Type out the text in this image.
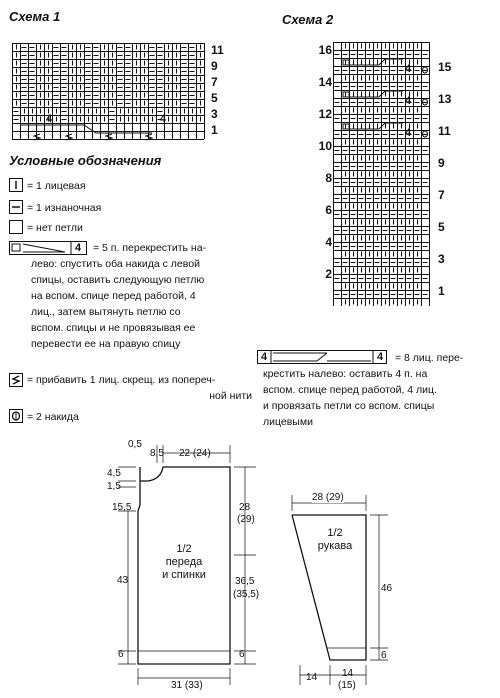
Схема 1
11
9
7
5
3
1
4	4
Схема 2
16
14
12
10
8
6
4
2
15
13
11
9
7
5
3
1
4
4
4
Условные обозначения
= 1 лицевая
= 1 изнаночная
= нет петли
4	= 5 п. перекрестить на-
лево: спустить оба накида с левой
спицы, оставить следующую петлю
на вспом. спице перед работой, 4
лиц., затем вытянуть петлю со
вспом. спицы и не провязывая ее
перевести ее на правую спицу
= прибавить 1 лиц. скрещ. из попереч-
ной нити
= 2 накида
4	4	= 8 лиц. пере-
крестить налево: оставить 4 п. на
вспом. спице перед работой, 4 лиц.
и провязать петли со вспом. спицы
лицевыми
0,5
8,5 22 (24)
4,5
1,5
15,5
43
6
28
(29)
36,5
(35,5)
6
31 (33)
1/2
переда
и спинки
28 (29)
46
6
14 14
(15)
1/2
рукава
